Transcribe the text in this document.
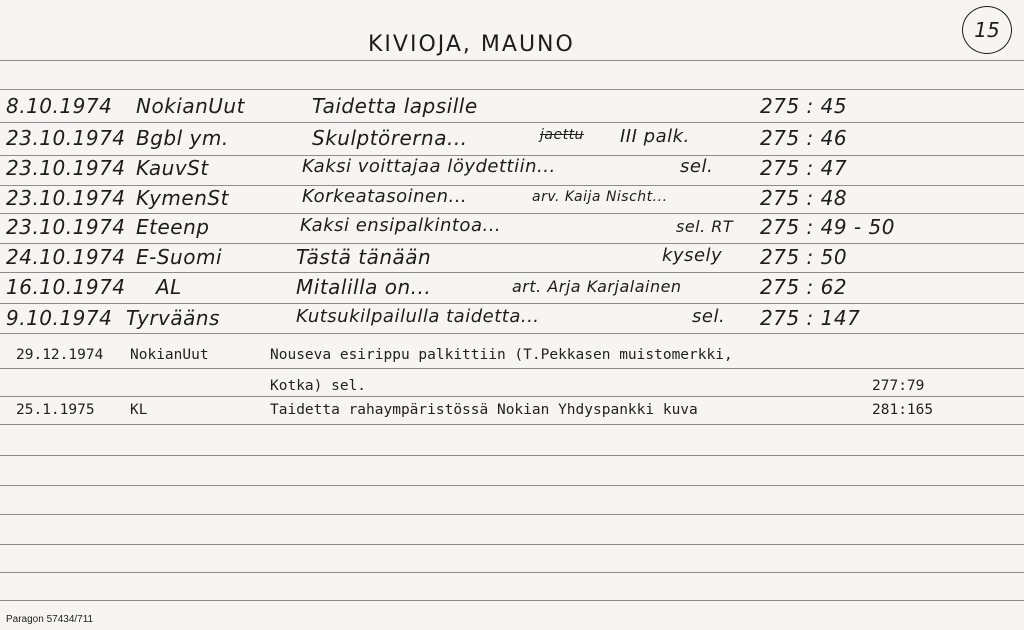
KIVIOJA, MAUNO
15
8.10.1974 NokianUut	Taidetta lapsille	275 : 45
23.10.1974 Bgbl ym.	Skulptörerna...	jaettu III palk.	275 : 46
23.10.1974 KauvSt	Kaksi voittajaa löydettiin...	sel. 275 : 47
23.10.1974 KymenSt	Korkeatasoinen...	arv. Kaija Nischt...	275 : 48
23.10.1974 Eteenp	Kaksi ensipalkintoa...	sel. RT 275 : 49 - 50
24.10.1974 E-Suomi	Tästä tänään	kysely 275 : 50
16.10.1974 AL	Mitalilla on...	art. Arja Karjalainen	275 : 62
9.10.1974 Tyrvääns	Kutsukilpailulla taidetta...	sel. 275 : 147
29.12.1974 NokianUut	Nouseva esirippu palkittiin (T.Pekkasen muistomerkki,
Kotka) sel.	277:79
25.1.1975 KL	Taidetta rahaympäristössä Nokian Yhdyspankki kuva	281:165
Paragon 57434/711
